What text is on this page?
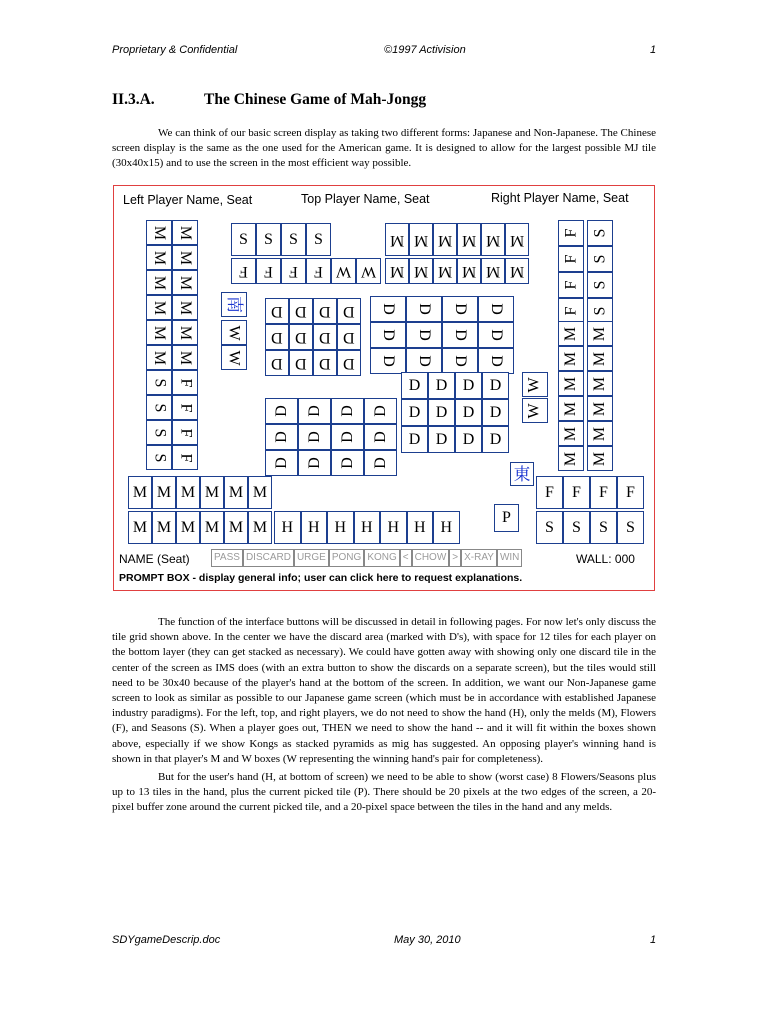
Proprietary & Confidential	©1997 Activision	1
II.3.A.	The Chinese Game of Mah-Jongg

We can think of our basic screen display as taking two different forms: Japanese and Non-Japanese. The Chinese screen display is the same as the one used for the American game. It is designed to allow for the largest possible MJ tile (30x40x15) and to use the screen in the most efficient way possible.

Left Player Name, Seat	Top Player Name, Seat	Right Player Name, Seat
M M
M M
M M
M M
M M
M M
S F
S F
S F
S F
南
W
W
S S S S
F F F F W W
M M M M M M
M M M M M M
D D D D
D D D D
D D D D
D D D D
D D D D
D D D D
D D D D
D D D D
D D D D
D D D D
D D D D
D D D D
F S
F S
F S
F S
M M
M M
M M
M M
M M
M M
W
W
東
F F F F
S S S S
P
M M M M M M
M M M M M M H H H H H H H
NAME (Seat)	PASS DISCARD URGE PONG KONG < CHOW > X-RAY WIN	WALL: 000
PROMPT BOX - display general info; user can click here to request explanations.

The function of the interface buttons will be discussed in detail in following pages. For now let's only discuss the tile grid shown above. In the center we have the discard area (marked with D's), with space for 12 tiles for each player on the bottom layer (they can get stacked as necessary). We could have gotten away with showing only one discard tile in the center of the screen as IMS does (with an extra button to show the discards on a separate screen), but the tiles would still need to be 30x40 because of the player's hand at the bottom of the screen. In addition, we want our Non-Japanese game screen to look as similar as possible to our Japanese game screen (which must be in accordance with established Japanese industry paradigms). For the left, top, and right players, we do not need to show the hand (H), only the melds (M), Flowers (F), and Seasons (S). When a player goes out, THEN we need to show the hand -- and it will fit within the boxes shown above, especially if we show Kongs as stacked pyramids as mig has suggested. An opposing player's winning hand is shown in that player's M and W boxes (W representing the winning hand's pair for completeness).

But for the user's hand (H, at bottom of screen) we need to be able to show (worst case) 8 Flowers/Seasons plus up to 13 tiles in the hand, plus the current picked tile (P). There should be 20 pixels at the two edges of the screen, a 20-pixel buffer zone around the current picked tile, and a 20-pixel space between the tiles in the hand and any melds.

SDYgameDescrip.doc	May 30, 2010	1
